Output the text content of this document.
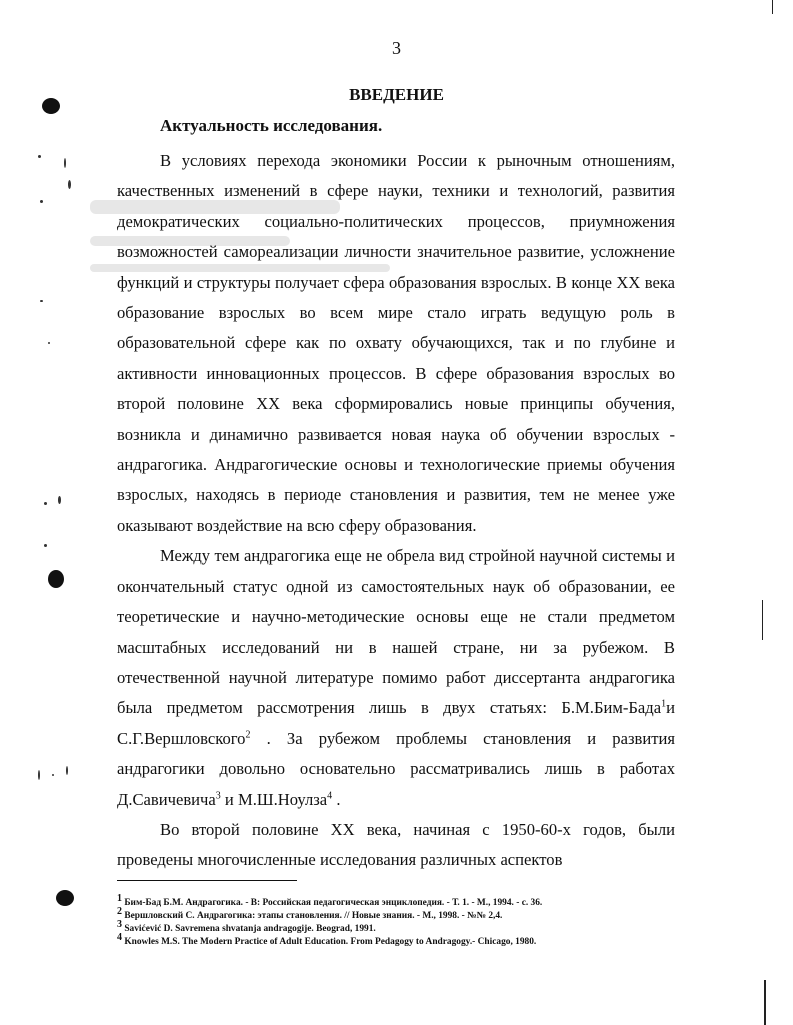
3
ВВЕДЕНИЕ
Актуальность исследования.

В условиях перехода экономики России к рыночным отношениям, качественных изменений в сфере науки, техники и технологий, развития демократических социально-политических процессов, приумножения возможностей самореализации личности значительное развитие, усложнение функций и структуры получает сфера образования взрослых. В конце XX века образование взрослых во всем мире стало играть ведущую роль в образовательной сфере как по охвату обучающихся, так и по глубине и активности инновационных процессов. В сфере образования взрослых во второй половине XX века сформировались новые принципы обучения, возникла и динамично развивается новая наука об обучении взрослых - андрагогика. Андрагогические основы и технологические приемы обучения взрослых, находясь в периоде становления и развития, тем не менее уже оказывают воздействие на всю сферу образования.

Между тем андрагогика еще не обрела вид стройной научной системы и окончательный статус одной из самостоятельных наук об образовании, ее теоретические и научно-методические основы еще не стали предметом масштабных исследований ни в нашей стране, ни за рубежом. В отечественной научной литературе помимо работ диссертанта андрагогика была предметом рассмотрения лишь в двух статьях: Б.М.Бим-Бада$^1$и С.Г.Вершловского$^2$ . За рубежом проблемы становления и развития андрагогики довольно основательно рассматривались лишь в работах Д.Савичевича$^3$ и М.Ш.Ноулза$^4$ .

Во второй половине XX века, начиная с 1950-60-х годов, были проведены многочисленные исследования различных аспектов

$^1$ Бим-Бад Б.М. Андрагогика. - В: Российская педагогическая энциклопедия. - Т. 1. - М., 1994. - с. 36.
$^2$ Вершловский С. Андрагогика: этапы становления. // Новые знания. - М., 1998. - №№ 2,4.
$^3$ Savićević D. Savremena shvatanja andragogije. Beograd, 1991.
$^4$ Knowles M.S. The Modern Practice of Adult Education. From Pedagogy to Andragogy.- Chicago, 1980.
